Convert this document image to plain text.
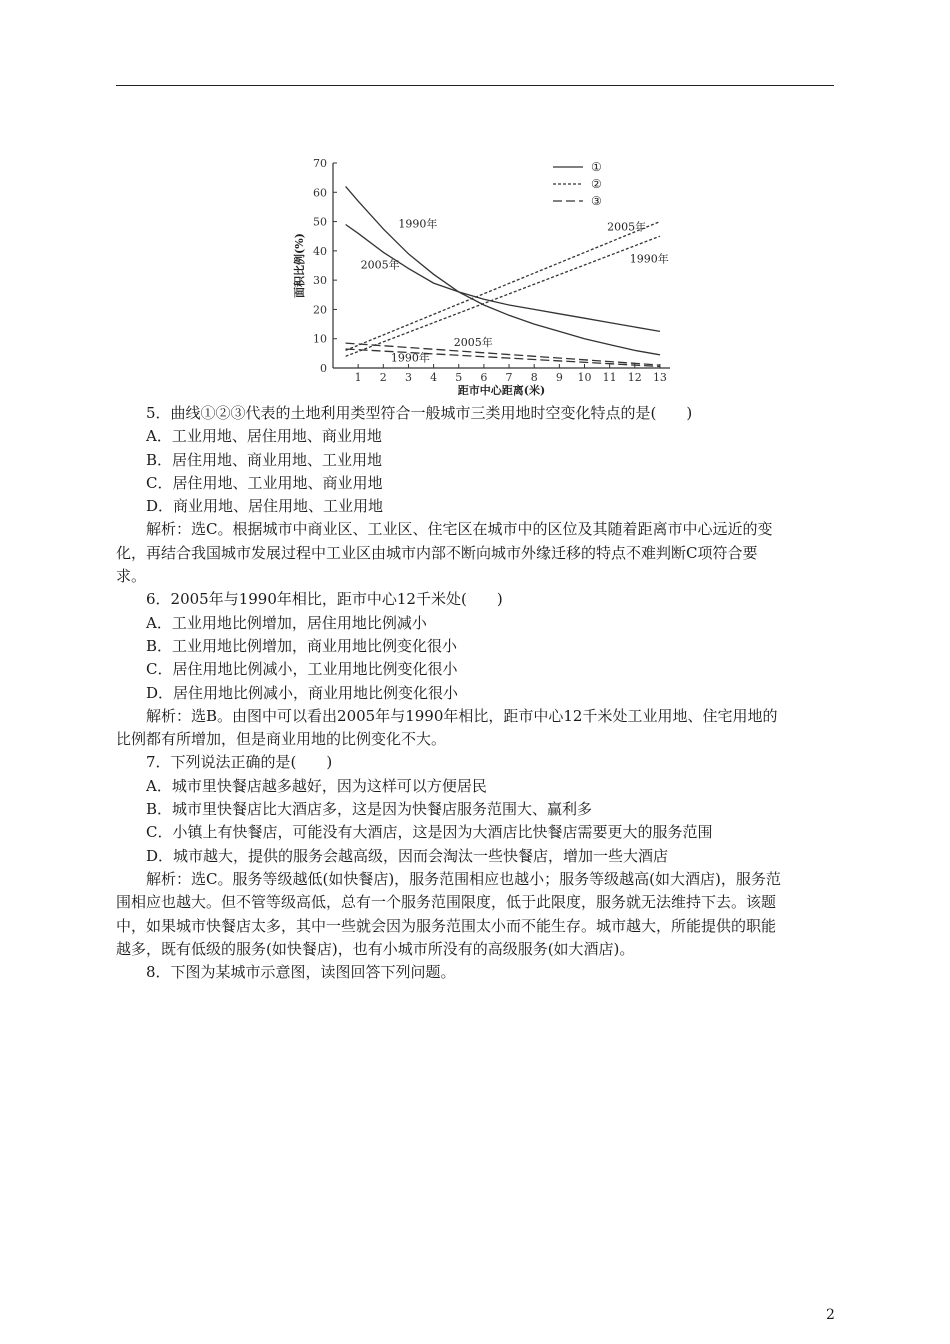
0
10
20
30
40
50
60
70
1 2 3 4 5 6 7 8 9 10 11 12 13
距市中心距离(米)
面积比例(%)
1990年
2005年
2005年
1990年
2005年
1990年
①
②
③

5．曲线①②③代表的土地利用类型符合一般城市三类用地时空变化特点的是(　　)

A．工业用地、居住用地、商业用地

B．居住用地、商业用地、工业用地

C．居住用地、工业用地、商业用地

D．商业用地、居住用地、工业用地

解析：选C。根据城市中商业区、工业区、住宅区在城市中的区位及其随着距离市中心远近的变

化，再结合我国城市发展过程中工业区由城市内部不断向城市外缘迁移的特点不难判断C项符合要

求。

6．2005年与1990年相比，距市中心12千米处(　　)

A．工业用地比例增加，居住用地比例减小

B．工业用地比例增加，商业用地比例变化很小

C．居住用地比例减小，工业用地比例变化很小

D．居住用地比例减小，商业用地比例变化很小

解析：选B。由图中可以看出2005年与1990年相比，距市中心12千米处工业用地、住宅用地的

比例都有所增加，但是商业用地的比例变化不大。

7．下列说法正确的是(　　)

A．城市里快餐店越多越好，因为这样可以方便居民

B．城市里快餐店比大酒店多，这是因为快餐店服务范围大、赢利多

C．小镇上有快餐店，可能没有大酒店，这是因为大酒店比快餐店需要更大的服务范围

D．城市越大，提供的服务会越高级，因而会淘汰一些快餐店，增加一些大酒店

解析：选C。服务等级越低(如快餐店)，服务范围相应也越小；服务等级越高(如大酒店)，服务范

围相应也越大。但不管等级高低，总有一个服务范围限度，低于此限度，服务就无法维持下去。该题

中，如果城市快餐店太多，其中一些就会因为服务范围太小而不能生存。城市越大，所能提供的职能

越多，既有低级的服务(如快餐店)，也有小城市所没有的高级服务(如大酒店)。

8．下图为某城市示意图，读图回答下列问题。

2
